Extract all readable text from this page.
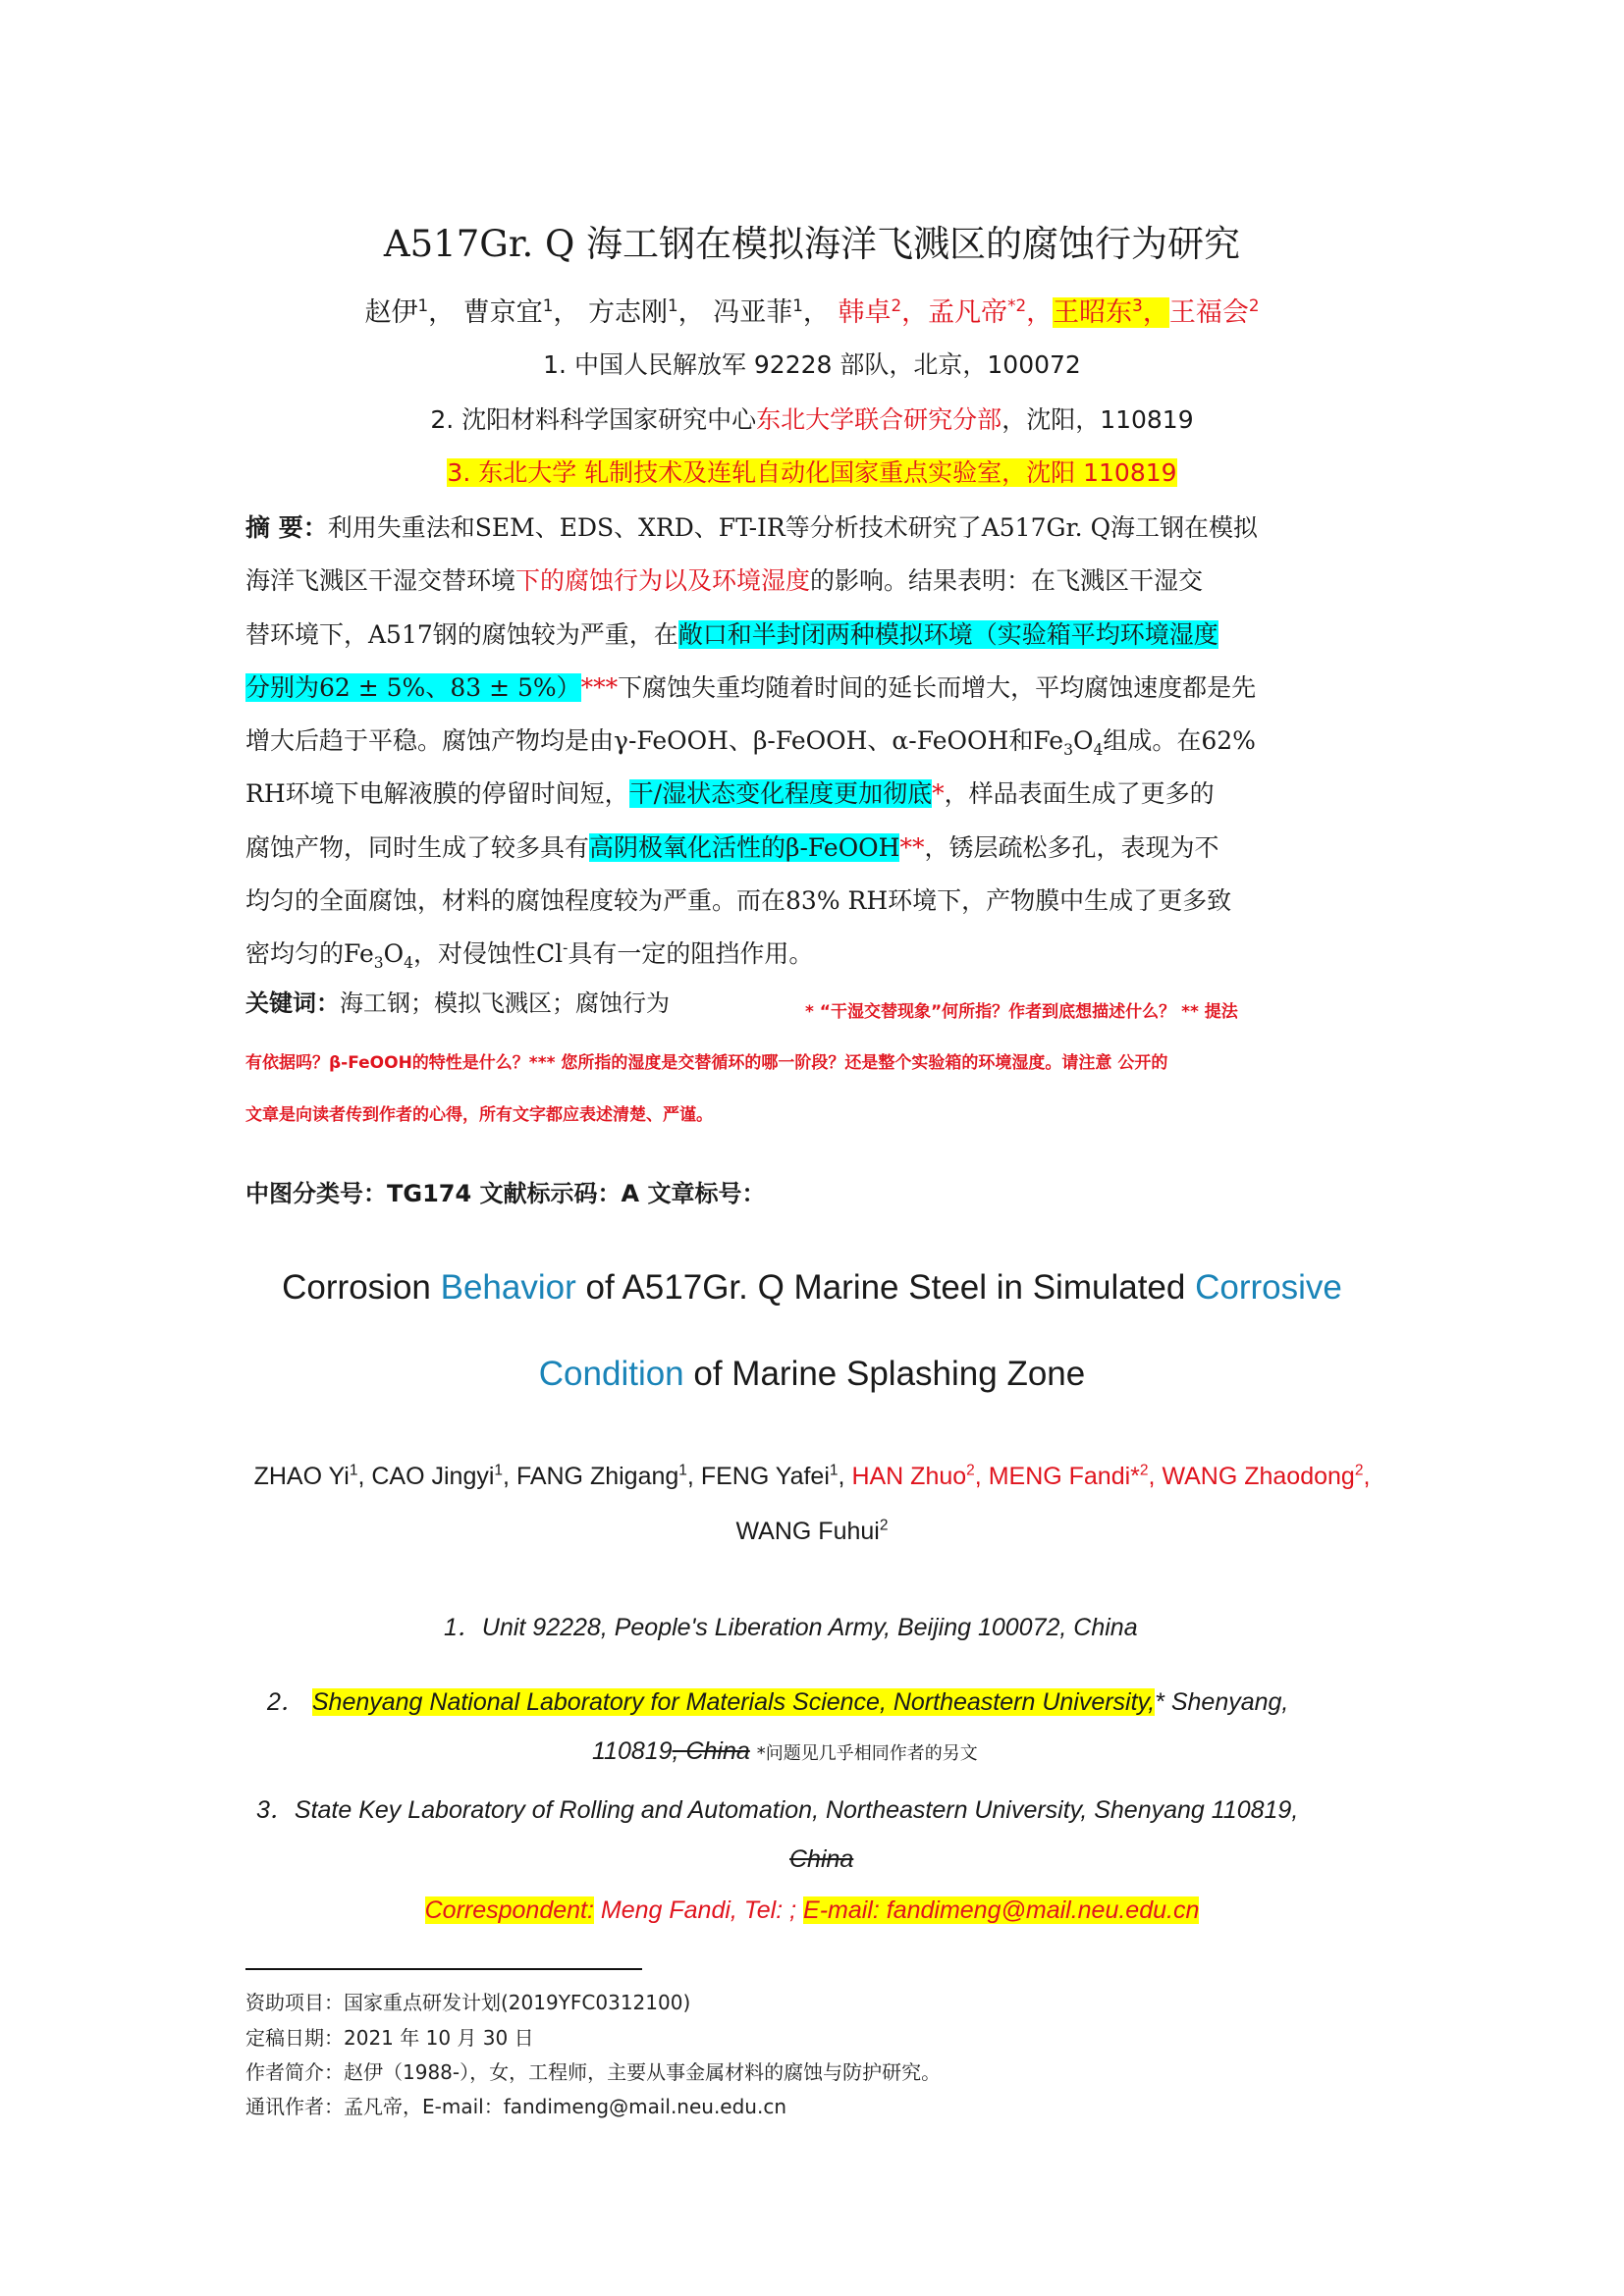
A517Gr. Q 海工钢在模拟海洋飞溅区的腐蚀行为研究
赵伊$^1$， 曹京宜$^1$， 方志刚$^1$， 冯亚菲$^1$， 韩卓$^2$，孟凡帝$^{*2}$，王昭东$^3$，王福会$^2$
1. 中国人民解放军 92228 部队，北京，100072
2. 沈阳材料科学国家研究中心东北大学联合研究分部，沈阳，110819
3. 东北大学 轧制技术及连轧自动化国家重点实验室，沈阳 110819
摘 要：利用失重法和SEM、EDS、XRD、FT-IR等分析技术研究了A517Gr. Q海工钢在模拟
海洋飞溅区干湿交替环境下的腐蚀行为以及环境湿度的影响。结果表明：在飞溅区干湿交
替环境下，A517钢的腐蚀较为严重，在敞口和半封闭两种模拟环境（实验箱平均环境湿度
分别为62 ± 5%、83 ± 5%）***下腐蚀失重均随着时间的延长而增大，平均腐蚀速度都是先
增大后趋于平稳。腐蚀产物均是由γ-FeOOH、β-FeOOH、α-FeOOH和$Fe_3O_4$组成。在62%
RH环境下电解液膜的停留时间短，干/湿状态变化程度更加彻底*，样品表面生成了更多的
腐蚀产物，同时生成了较多具有高阴极氧化活性的β-FeOOH**，锈层疏松多孔，表现为不
均匀的全面腐蚀，材料的腐蚀程度较为严重。而在83% RH环境下，产物膜中生成了更多致
密均匀的$Fe_3O_4$，对侵蚀性Cl-具有一定的阻挡作用。
关键词：海工钢；模拟飞溅区；腐蚀行为	* “干湿交替现象”何所指？作者到底想描述什么？ ** 提法
有依据吗？β-FeOOH的特性是什么？*** 您所指的湿度是交替循环的哪一阶段？还是整个实验箱的环境湿度。请注意 公开的
文章是向读者传到作者的心得，所有文字都应表述清楚、严谨。
中图分类号：TG174 文献标示码：A 文章标号：
Corrosion Behavior of A517Gr. Q Marine Steel in Simulated Corrosive
Condition of Marine Splashing Zone
ZHAO Yi$^1$, CAO Jingyi$^1$, FANG Zhigang$^1$, FENG Yafei$^1$, HAN Zhuo$^2$, MENG Fandi*$^2$, WANG Zhaodong$^2$,
WANG Fuhui$^2$
1．Unit 92228, People's Liberation Army, Beijing 100072, China
2． Shenyang National Laboratory for Materials Science, Northeastern University,* Shenyang,
110819, China *问题见几乎相同作者的另文
3．State Key Laboratory of Rolling and Automation, Northeastern University, Shenyang 110819,
China
Correspondent: Meng Fandi, Tel: ; E-mail: fandimeng@mail.neu.edu.cn
资助项目：国家重点研发计划(2019YFC0312100)
定稿日期：2021 年 10 月 30 日
作者简介：赵伊（1988-），女，工程师，主要从事金属材料的腐蚀与防护研究。
通讯作者：孟凡帝，E-mail：fandimeng@mail.neu.edu.cn
